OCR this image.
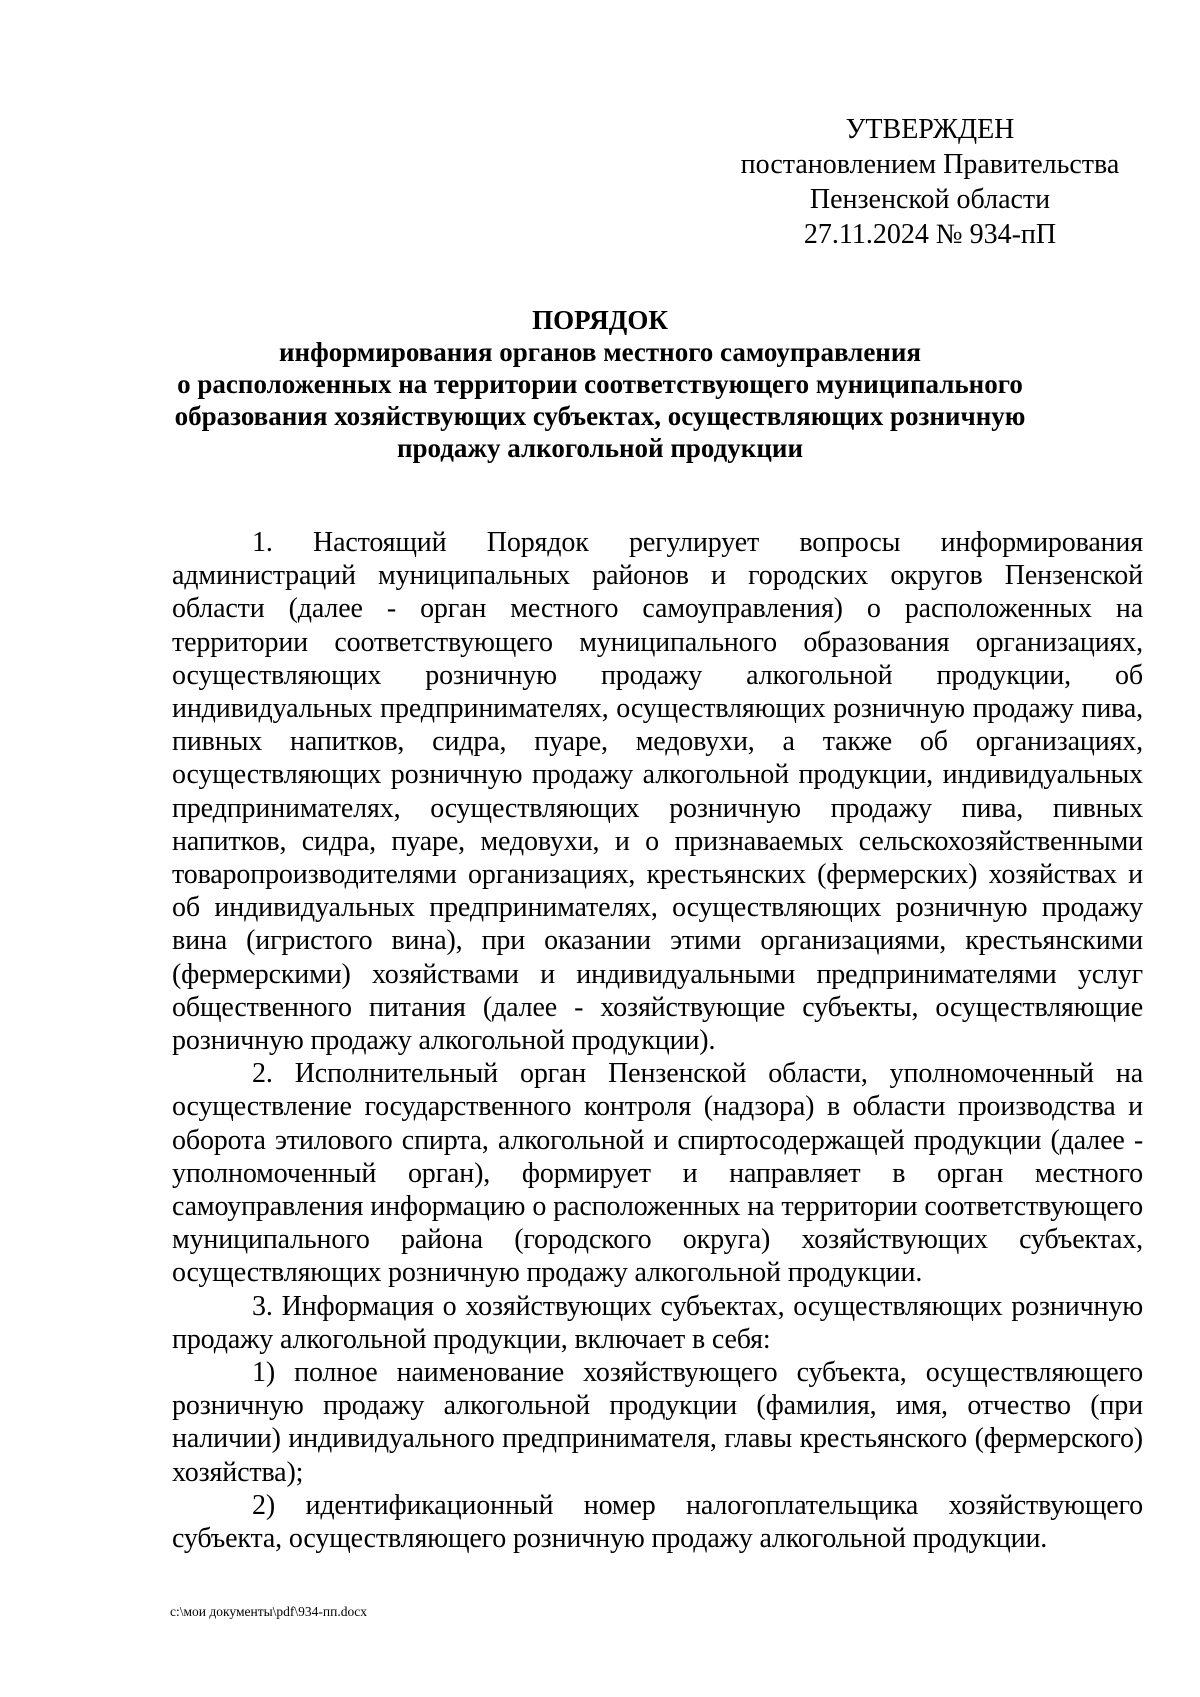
УТВЕРЖДЕН
постановлением Правительства
Пензенской области
27.11.2024 № 934-пП
ПОРЯДОК
информирования органов местного самоуправления
о расположенных на территории соответствующего муниципального
образования хозяйствующих субъектах, осуществляющих розничную
продажу алкогольной продукции

1. Настоящий Порядок регулирует вопросы информирования администраций муниципальных районов и городских округов Пензенской области (далее - орган местного самоуправления) о расположенных на территории соответствующего муниципального образования организациях, осуществляющих розничную продажу алкогольной продукции, об индивидуальных предпринимателях, осуществляющих розничную продажу пива, пивных напитков, сидра, пуаре, медовухи, а также об организациях, осуществляющих розничную продажу алкогольной продукции, индивидуальных предпринимателях, осуществляющих розничную продажу пива, пивных напитков, сидра, пуаре, медовухи, и о признаваемых сельскохозяйственными товаропроизводителями организациях, крестьянских (фермерских) хозяйствах и об индивидуальных предпринимателях, осуществляющих розничную продажу вина (игристого вина), при оказании этими организациями, крестьянскими (фермерскими) хозяйствами и индивидуальными предпринимателями услуг общественного питания (далее - хозяйствующие субъекты, осуществляющие розничную продажу алкогольной продукции).

2. Исполнительный орган Пензенской области, уполномоченный на осуществление государственного контроля (надзора) в области производства и оборота этилового спирта, алкогольной и спиртосодержащей продукции (далее - уполномоченный орган), формирует и направляет в орган местного самоуправления информацию о расположенных на территории соответствующего муниципального района (городского округа) хозяйствующих субъектах, осуществляющих розничную продажу алкогольной продукции.

3. Информация о хозяйствующих субъектах, осуществляющих розничную продажу алкогольной продукции, включает в себя:

1) полное наименование хозяйствующего субъекта, осуществляющего розничную продажу алкогольной продукции (фамилия, имя, отчество (при наличии) индивидуального предпринимателя, главы крестьянского (фермерского) хозяйства);

2) идентификационный номер налогоплательщика хозяйствующего субъекта, осуществляющего розничную продажу алкогольной продукции.

c:\мои документы\pdf\934-пп.docx
